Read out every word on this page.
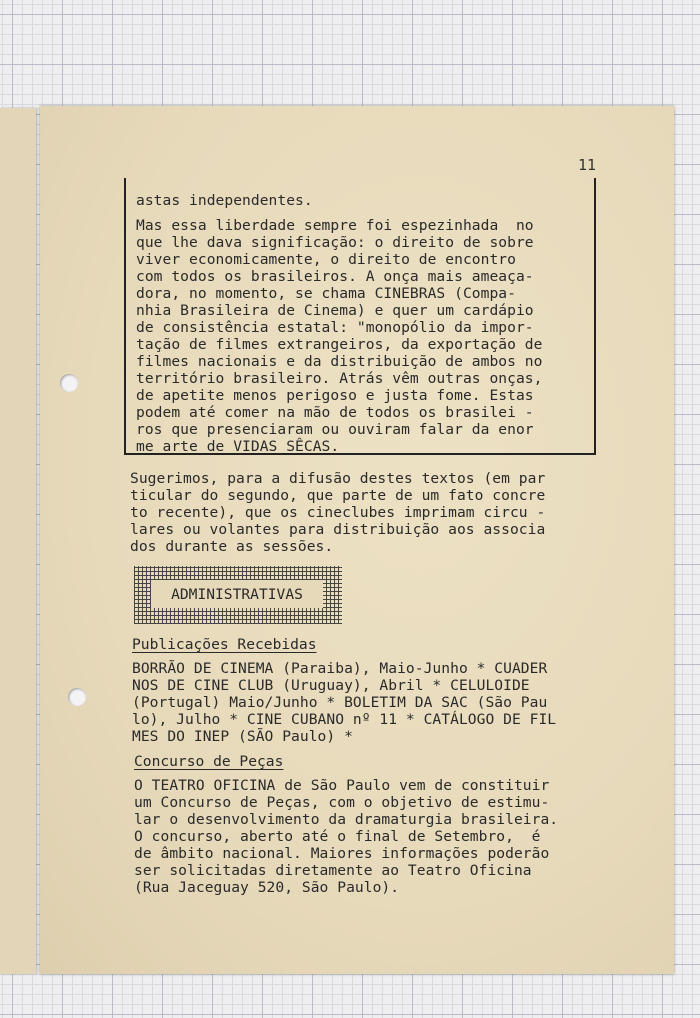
11
astas independentes.
Mas essa liberdade sempre foi espezinhada  no
que lhe dava significação: o direito de sobre
viver economicamente, o direito de encontro
com todos os brasileiros. A onça mais ameaça-
dora, no momento, se chama CINEBRAS (Compa-
nhia Brasileira de Cinema) e quer um cardápio
de consistência estatal: "monopólio da impor-
tação de filmes extrangeiros, da exportação de
filmes nacionais e da distribuição de ambos no
território brasileiro. Atrás vêm outras onças,
de apetite menos perigoso e justa fome. Estas
podem até comer na mão de todos os brasilei -
ros que presenciaram ou ouviram falar da enor
me arte de VIDAS SÊCAS.
Sugerimos, para a difusão destes textos (em par
ticular do segundo, que parte de um fato concre
to recente), que os cineclubes imprimam circu -
lares ou volantes para distribuição aos associa
dos durante as sessões.
ADMINISTRATIVAS
Publicações Recebidas
BORRÃO DE CINEMA (Paraiba), Maio-Junho * CUADER
NOS DE CINE CLUB (Uruguay), Abril * CELULOIDE
(Portugal) Maio/Junho * BOLETIM DA SAC (São Pau
lo), Julho * CINE CUBANO nº 11 * CATÁLOGO DE FIL
MES DO INEP (SÃO Paulo) *
Concurso de Peças
O TEATRO OFICINA de São Paulo vem de constituir
um Concurso de Peças, com o objetivo de estimu-
lar o desenvolvimento da dramaturgia brasileira.
O concurso, aberto até o final de Setembro,  é
de âmbito nacional. Maiores informações poderão
ser solicitadas diretamente ao Teatro Oficina
(Rua Jaceguay 520, São Paulo).
